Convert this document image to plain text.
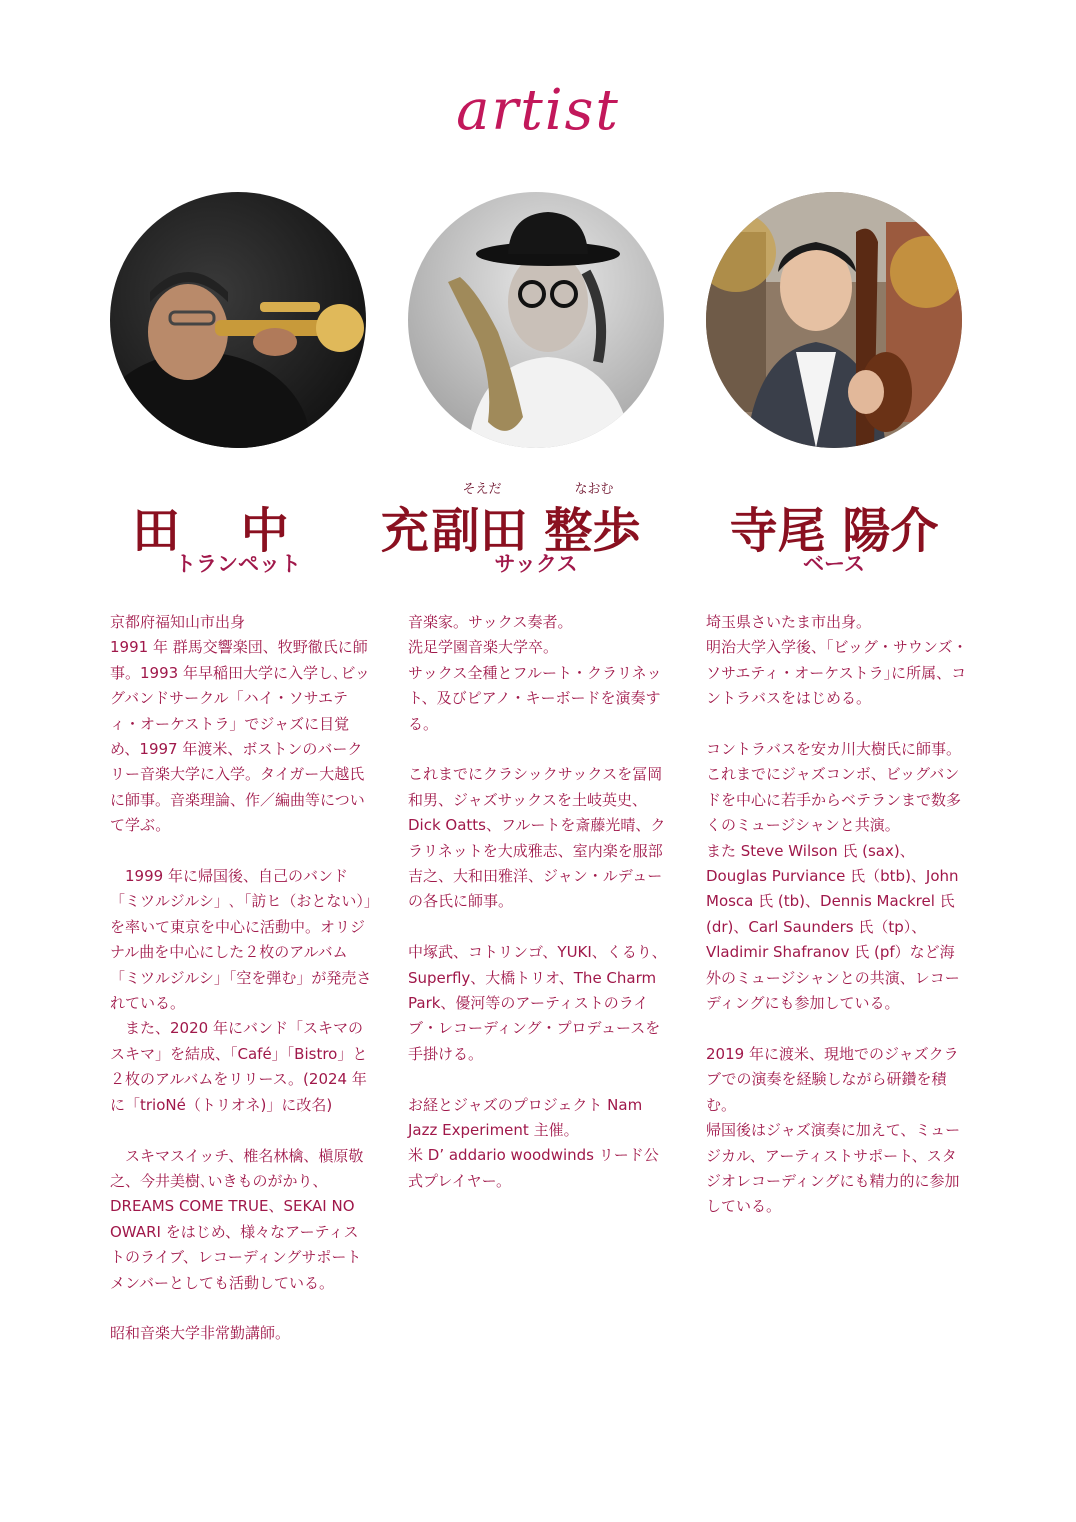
artist
田 中　充
トランペット

京都府福知山市出身
1991 年 群馬交響楽団、牧野徹氏に師事。1993 年早稲田大学に入学し､ビッグバンドサークル「ハイ・ソサエティ・オーケストラ」でジャズに目覚め、1997 年渡米、ボストンのバークリー音楽大学に入学。タイガー大越氏に師事。音楽理論、作／編曲等について学ぶ。

　1999 年に帰国後、自己のバンド「ミツルジルシ」､「訪ヒ（おとない）」を率いて東京を中心に活動中。オリジナル曲を中心にした２枚のアルバム「ミツルジルシ」「空を弾む」が発売されている。
　また、2020 年にバンド「スキマのスキマ」を結成、「Café」「Bistro」と２枚のアルバムをリリース。(2024 年に「trioNé（トリオネ)」に改名)

　スキマスイッチ、椎名林檎、槇原敬之、今井美樹､いきものがかり、DREAMS COME TRUE、SEKAI NO OWARI をはじめ、様々なアーティストのライブ、レコーディングサポートメンバーとしても活動している。

昭和音楽大学非常勤講師。

そえだ	なおむ
副田 整歩
サックス

音楽家。サックス奏者。
洗足学園音楽大学卒。
サックス全種とフルート・クラリネット、及びピアノ・キーボードを演奏する。

これまでにクラシックサックスを冨岡和男、ジャズサックスを土岐英史、Dick Oatts、フルートを斎藤光晴、クラリネットを大成雅志、室内楽を服部吉之、大和田雅洋、ジャン・ルデューの各氏に師事。

中塚武、コトリンゴ、YUKI、くるり、Superfly、大橋トリオ、The Charm Park、優河等のアーティストのライブ・レコーディング・プロデュースを手掛ける。

お経とジャズのプロジェクト Nam Jazz Experiment 主催。
米 D’ addario woodwinds リード公式プレイヤー。

寺尾 陽介
ベース

埼玉県さいたま市出身。
明治大学入学後、｢ビッグ・サウンズ・ソサエティ・オーケストラ｣に所属、コントラバスをはじめる。

コントラバスを安カ川大樹氏に師事。
これまでにジャズコンボ、ビッグバンドを中心に若手からベテランまで数多くのミュージシャンと共演。
また Steve Wilson 氏 (sax)、Douglas Purviance 氏（btb)、John Mosca 氏 (tb)、Dennis Mackrel 氏 (dr)、Carl Saunders 氏（tp）、Vladimir Shafranov 氏 (pf）など海外のミュージシャンとの共演、レコーディングにも参加している。

2019 年に渡米、現地でのジャズクラブでの演奏を経験しながら研鑽を積む。
帰国後はジャズ演奏に加えて、ミュージカル、アーティストサポート、スタジオレコーディングにも精力的に参加している。
